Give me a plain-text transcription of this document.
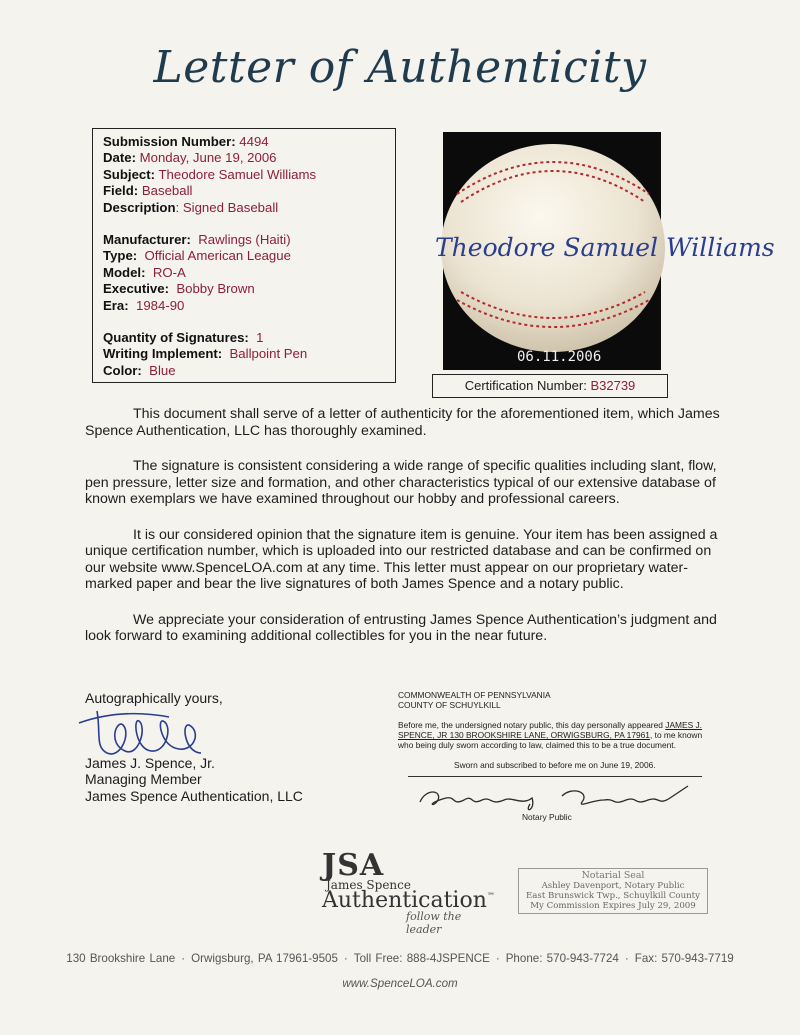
Letter of Authenticity
Submission Number: 4494
Date: Monday, June 19, 2006
Subject: Theodore Samuel Williams
Field: Baseball
Description: Signed Baseball
Manufacturer: Rawlings (Haiti)
Type: Official American League
Model: RO-A
Executive: Bobby Brown
Era: 1984-90
Quantity of Signatures: 1
Writing Implement: Ballpoint Pen
Color: Blue
Theodore Samuel Williams
06.11.2006
Certification Number: B32739

This document shall serve of a letter of authenticity for the aforementioned item, which James Spence Authentication, LLC has thoroughly examined.

The signature is consistent considering a wide range of specific qualities including slant, flow, pen pressure, letter size and formation, and other characteristics typical of our extensive database of known exemplars we have examined throughout our hobby and professional careers.

It is our considered opinion that the signature item is genuine. Your item has been assigned a unique certification number, which is uploaded into our restricted database and can be confirmed on our website www.SpenceLOA.com at any time. This letter must appear on our proprietary water-marked paper and bear the live signatures of both James Spence and a notary public.

We appreciate your consideration of entrusting James Spence Authentication’s judgment and look forward to examining additional collectibles for you in the near future.

Autographically yours,
James J. Spence, Jr.
Managing Member
James Spence Authentication, LLC
COMMONWEALTH OF PENNSYLVANIA
COUNTY OF SCHUYLKILL
Before me, the undersigned notary public, this day personally appeared JAMES J. SPENCE, JR 130 BROOKSHIRE LANE, ORWIGSBURG, PA 17961, to me known who being duly sworn according to law, claimed this to be a true document.
Sworn and subscribed to before me on June 19, 2006.
Notary Public
JSA
James Spence
Authentication™
follow the leader
Notarial Seal
Ashley Davenport, Notary Public
East Brunswick Twp., Schuylkill County
My Commission Expires July 29, 2009
130 Brookshire Lane · Orwigsburg, PA 17961-9505 · Toll Free: 888-4JSPENCE · Phone: 570-943-7724 · Fax: 570-943-7719
www.SpenceLOA.com
